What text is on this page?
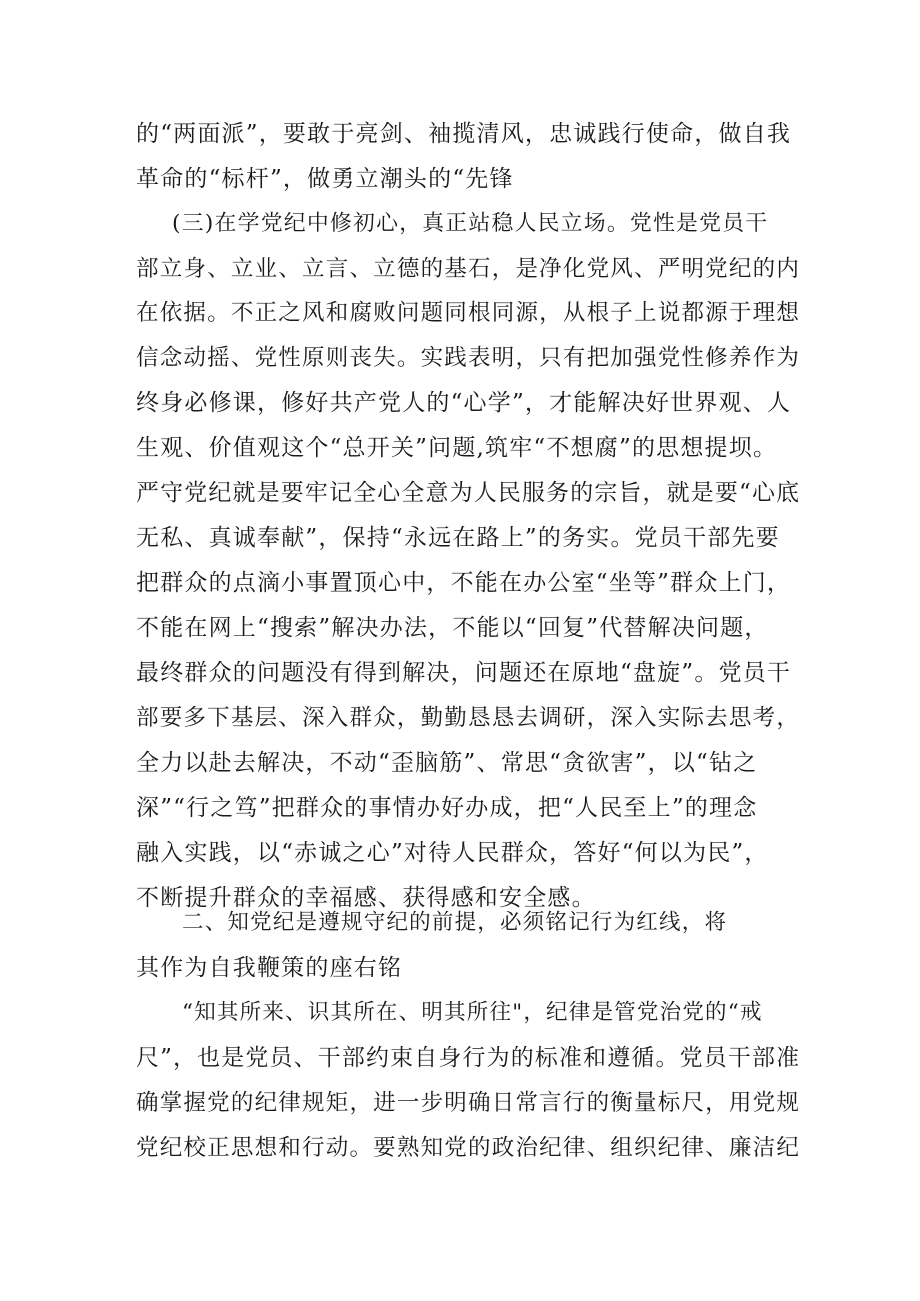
的“两面派”，要敢于亮剑、袖揽清风，忠诚践行使命，做自我
革命的“标杆”，做勇立潮头的“先锋
(三)在学党纪中修初心，真正站稳人民立场。党性是党员干
部立身、立业、立言、立德的基石，是净化党风、严明党纪的内
在依据。不正之风和腐败问题同根同源，从根子上说都源于理想
信念动摇、党性原则丧失。实践表明，只有把加强党性修养作为
终身必修课，修好共产党人的“心学”，才能解决好世界观、人
生观、价值观这个“总开关”问题,筑牢“不想腐”的思想提坝。
严守党纪就是要牢记全心全意为人民服务的宗旨，就是要“心底
无私、真诚奉献”，保持“永远在路上”的务实。党员干部先要
把群众的点滴小事置顶心中，不能在办公室“坐等”群众上门，
不能在网上“搜索”解决办法，不能以“回复”代替解决问题，
最终群众的问题没有得到解决，问题还在原地“盘旋”。党员干
部要多下基层、深入群众，勤勤恳恳去调研，深入实际去思考，
全力以赴去解决，不动“歪脑筋”、常思“贪欲害”，以“钻之
深”“行之笃”把群众的事情办好办成，把“人民至上”的理念
融入实践，以“赤诚之心”对待人民群众，答好“何以为民”，
不断提升群众的幸福感、获得感和安全感。
二、知党纪是遵规守纪的前提，必须铭记行为红线，将
其作为自我鞭策的座右铭
“知其所来、识其所在、明其所往"，纪律是管党治党的“戒
尺”，也是党员、干部约束自身行为的标准和遵循。党员干部准
确掌握党的纪律规矩，进一步明确日常言行的衡量标尺，用党规
党纪校正思想和行动。要熟知党的政治纪律、组织纪律、廉洁纪
